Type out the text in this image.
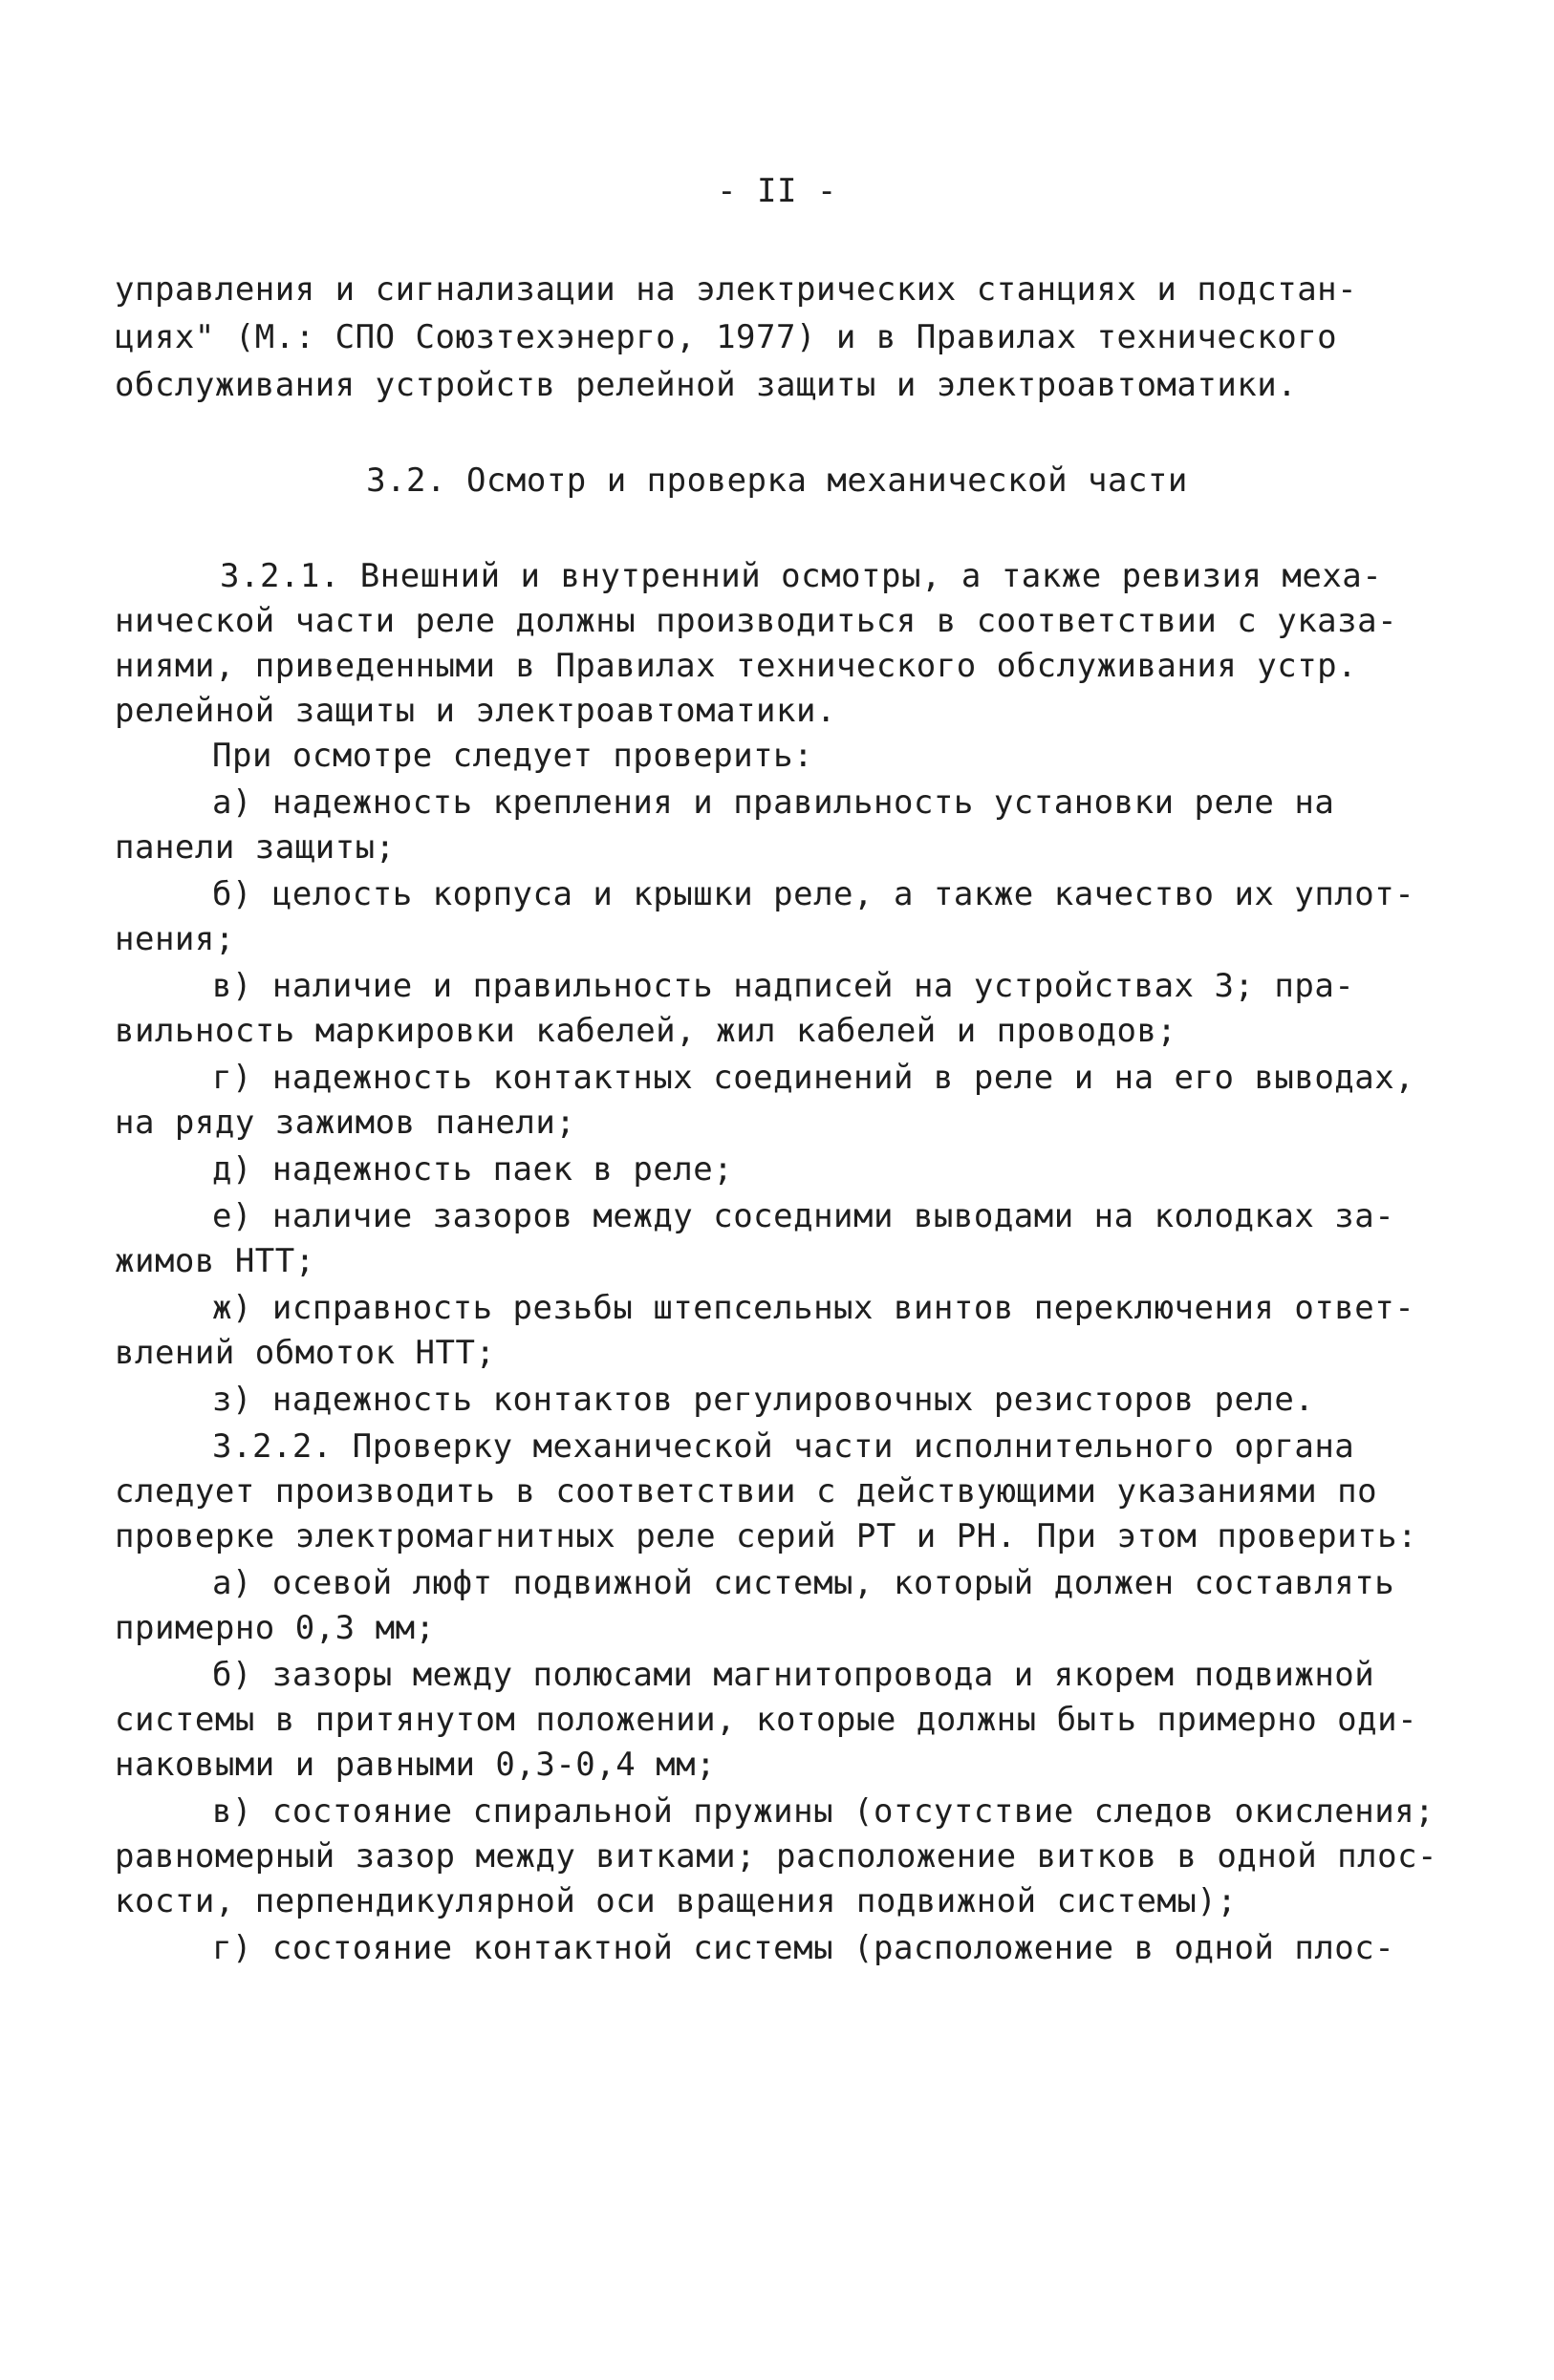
- II -
управления и сигнализации на электрических станциях и подстан-
циях" (М.: СПО Союзтехэнерго, 1977) и в Правилах технического
обслуживания устройств релейной защиты и электроавтоматики.
3.2. Осмотр и проверка механической части
3.2.1. Внешний и внутренний осмотры, а также ревизия меха-
нической части реле должны производиться в соответствии с указа-
ниями, приведенными в Правилах технического обслуживания устр.
релейной защиты и электроавтоматики.
При осмотре следует проверить:
а) надежность крепления и правильность установки реле на
панели защиты;
б) целость корпуса и крышки реле, а также качество их уплот-
нения;
в) наличие и правильность надписей на устройствах 3; пра-
вильность маркировки кабелей, жил кабелей и проводов;
г) надежность контактных соединений в реле и на его выводах,
на ряду зажимов панели;
д) надежность паек в реле;
е) наличие зазоров между соседними выводами на колодках за-
жимов НТТ;
ж) исправность резьбы штепсельных винтов переключения ответ-
влений обмоток НТТ;
з) надежность контактов регулировочных резисторов реле.
3.2.2. Проверку механической части исполнительного органа
следует производить в соответствии с действующими указаниями по
проверке электромагнитных реле серий РТ и РН. При этом проверить:
а) осевой люфт подвижной системы, который должен составлять
примерно 0,3 мм;
б) зазоры между полюсами магнитопровода и якорем подвижной
системы в притянутом положении, которые должны быть примерно оди-
наковыми и равными 0,3-0,4 мм;
в) состояние спиральной пружины (отсутствие следов окисления;
равномерный зазор между витками; расположение витков в одной плос-
кости, перпендикулярной оси вращения подвижной системы);
г) состояние контактной системы (расположение в одной плос-
